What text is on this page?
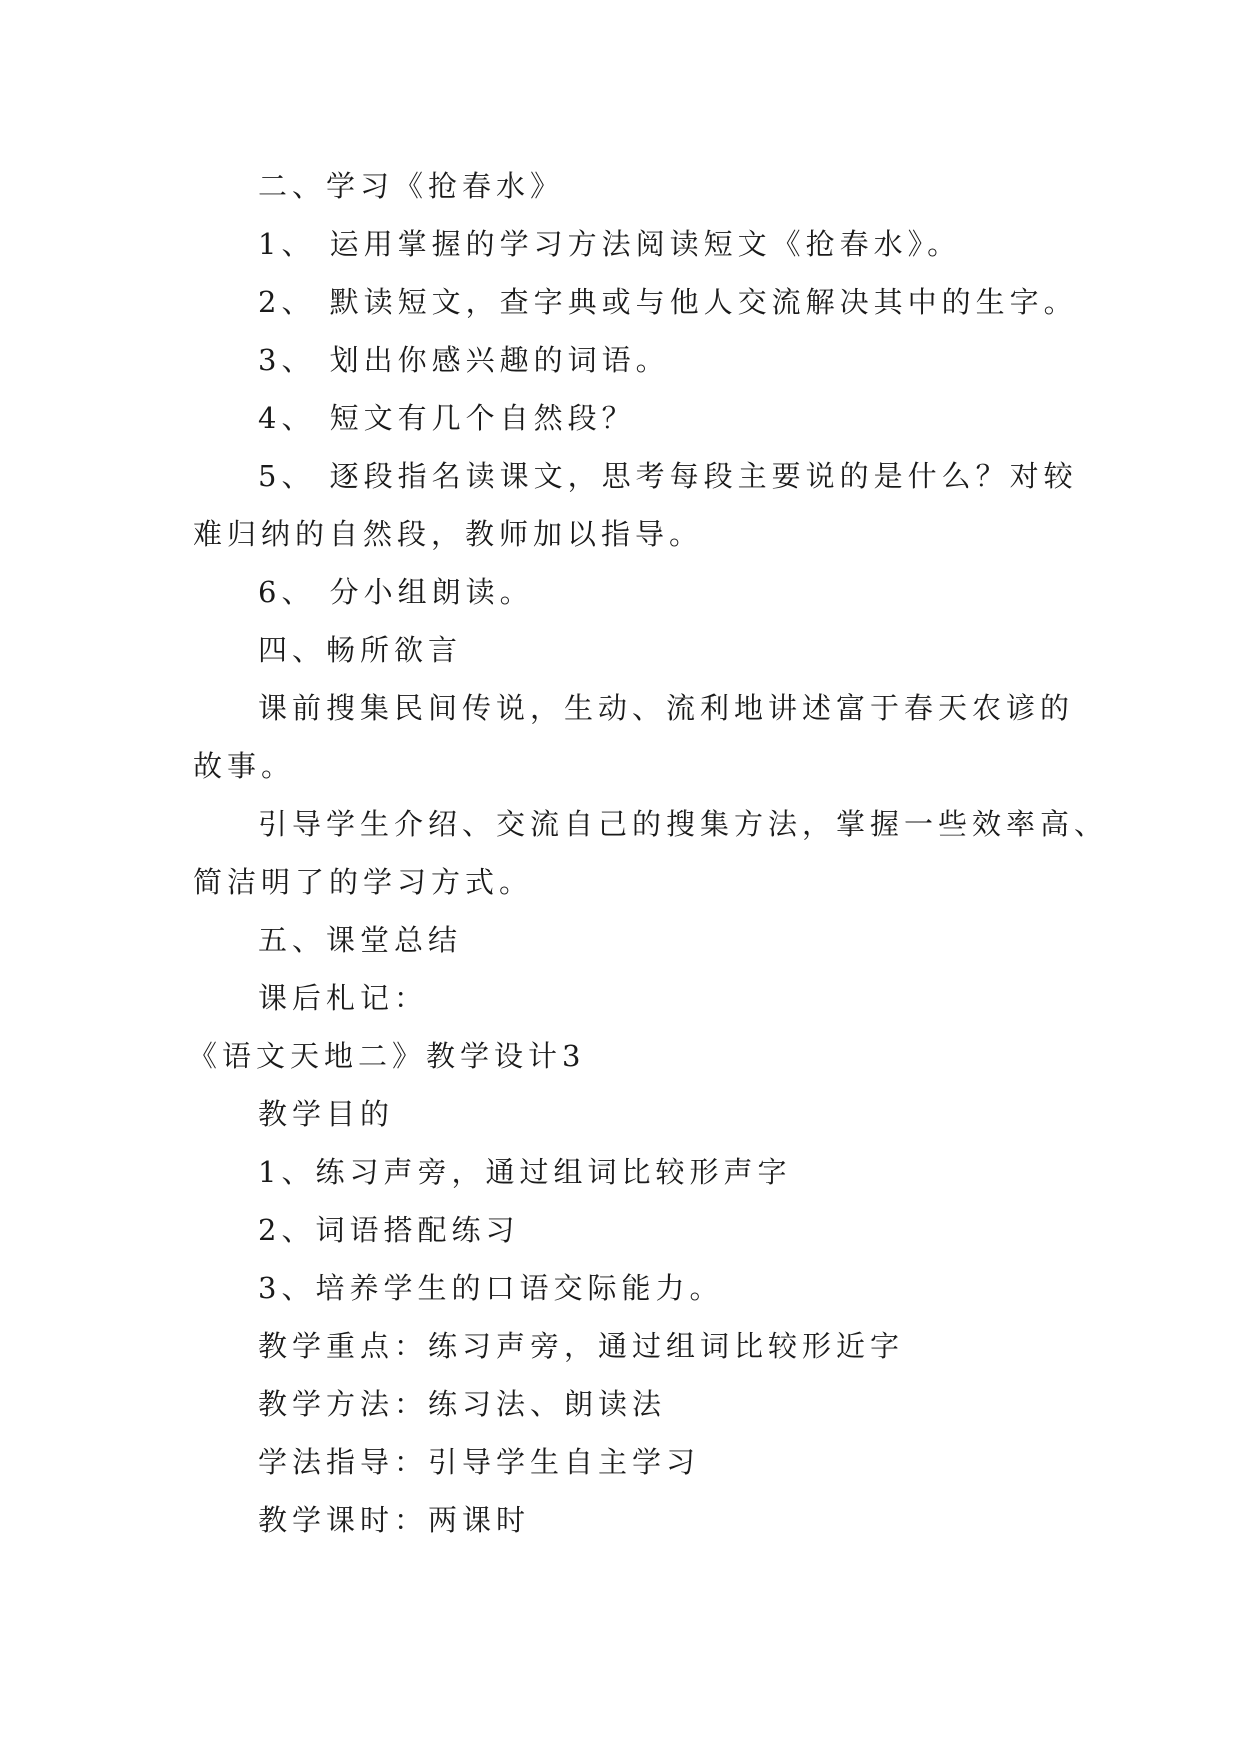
二、学习《抢春水》
1、 运用掌握的学习方法阅读短文《抢春水》。
2、 默读短文，查字典或与他人交流解决其中的生字。
3、 划出你感兴趣的词语。
4、 短文有几个自然段？
5、 逐段指名读课文，思考每段主要说的是什么？对较
难归纳的自然段，教师加以指导。
6、 分小组朗读。
四、畅所欲言
课前搜集民间传说，生动、流利地讲述富于春天农谚的
故事。
引导学生介绍、交流自己的搜集方法，掌握一些效率高、
简洁明了的学习方式。
五、课堂总结
课后札记：
《语文天地二》教学设计3
教学目的
1、练习声旁，通过组词比较形声字
2、词语搭配练习
3、培养学生的口语交际能力。
教学重点：练习声旁，通过组词比较形近字
教学方法：练习法、朗读法
学法指导：引导学生自主学习
教学课时：两课时
